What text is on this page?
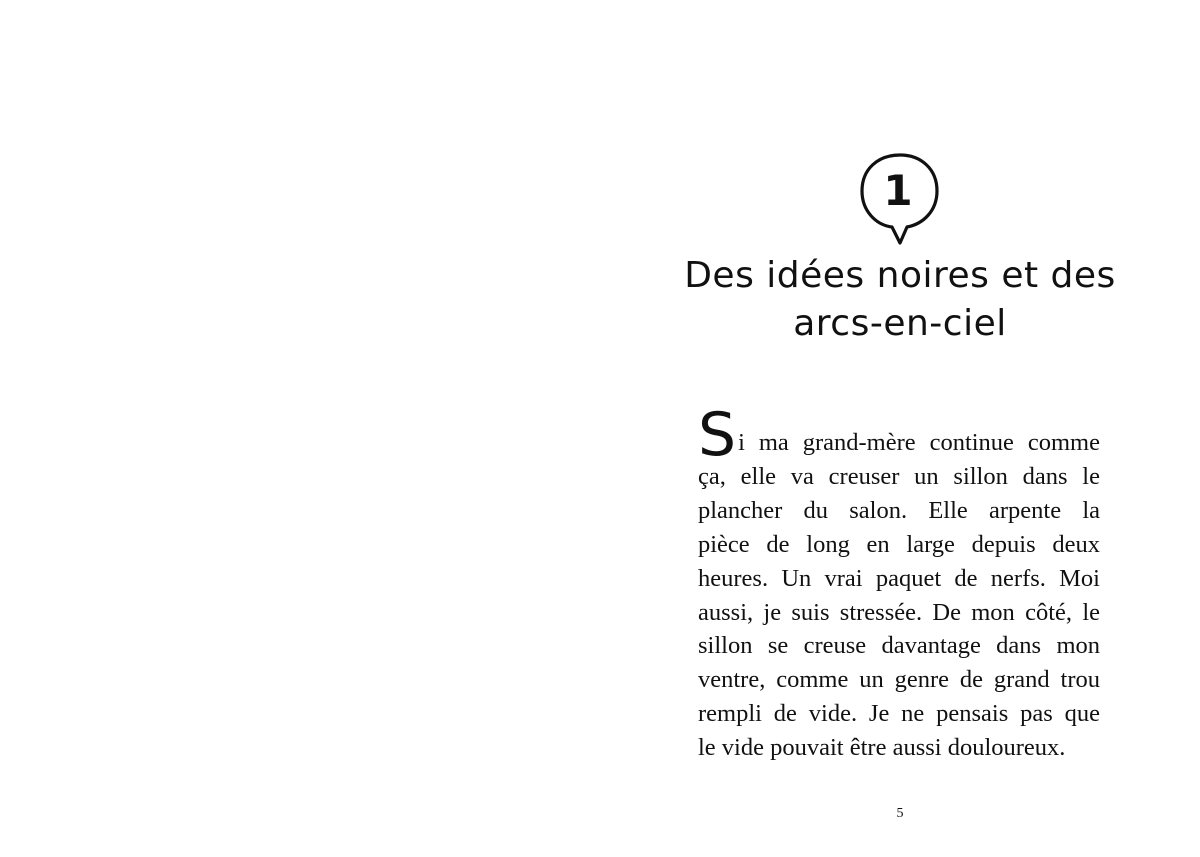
1
Des idées noires et des
arcs-en-ciel
S i ma grand-mère continue comme
ça, elle va creuser un sillon dans le
plancher du salon. Elle arpente la
pièce de long en large depuis deux
heures. Un vrai paquet de nerfs. Moi
aussi, je suis stressée. De mon côté, le
sillon se creuse davantage dans mon
ventre, comme un genre de grand trou
rempli de vide. Je ne pensais pas que
le vide pouvait être aussi douloureux.
5
